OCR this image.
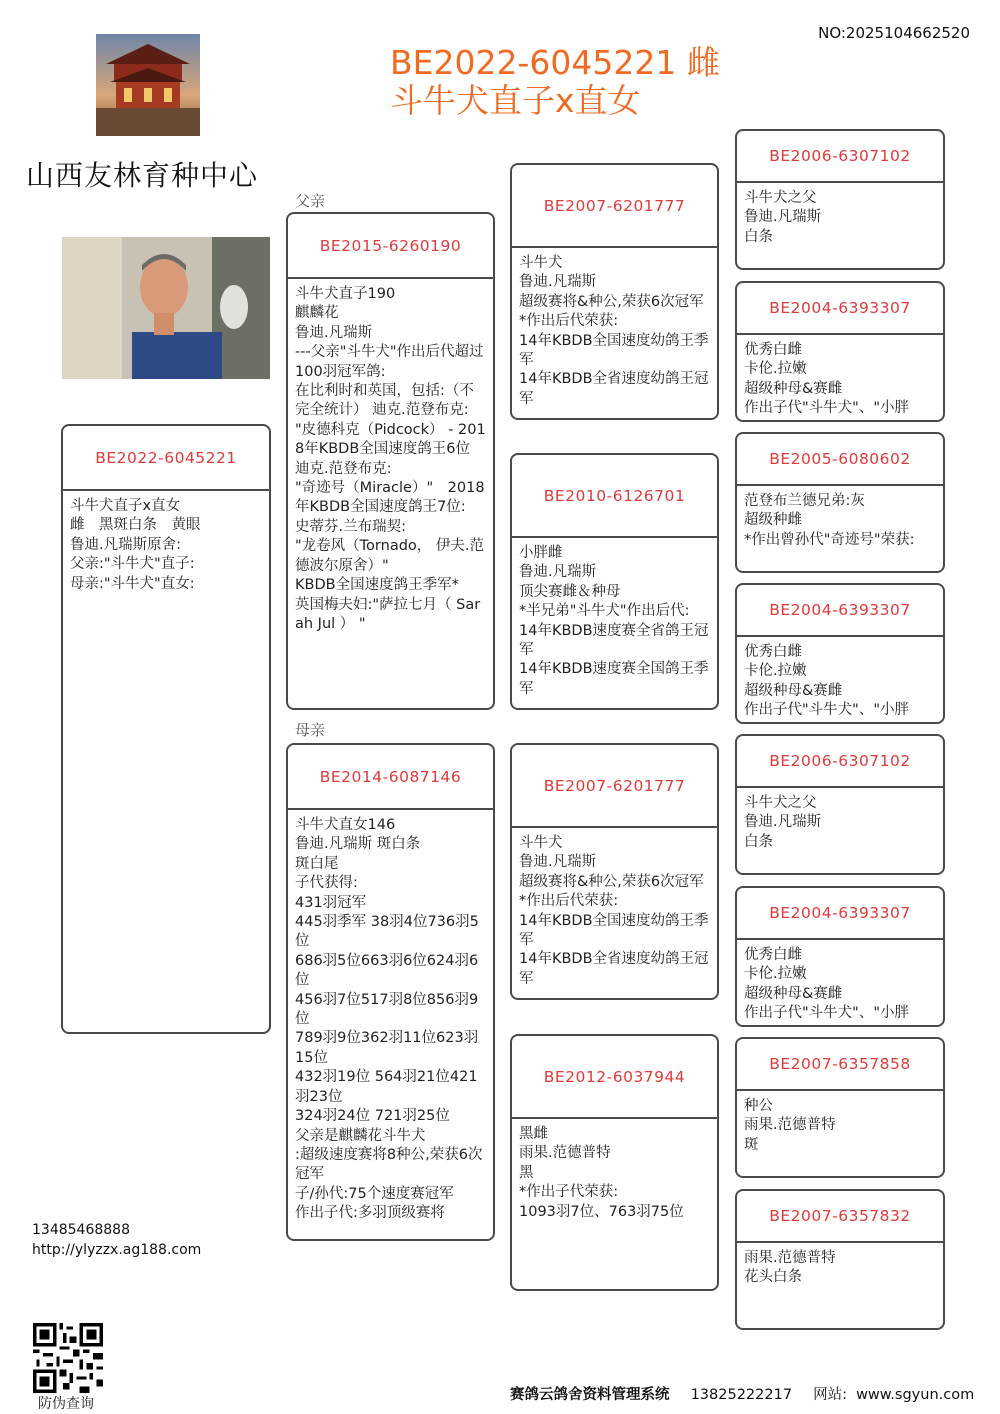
NO:2025104662520
BE2022-6045221 雌
斗牛犬直子x直女
山西友林育种中心
BE2022-6045221
斗牛犬直子x直女
雌　黑斑白条　黄眼
鲁迪.凡瑞斯原舍:
父亲:"斗牛犬"直子:
母亲:"斗牛犬"直女:
父亲
母亲
BE2015-6260190
斗牛犬直子190
麒麟花
鲁迪.凡瑞斯
---父亲"斗牛犬"作出后代超过100羽冠军鸽:
在比利时和英国，包括:（不完全统计） 迪克.范登布克:
"皮德科克（Pidcock） - 2018年KBDB全国速度鸽王6位
迪克.范登布克:
"奇迹号（Miracle）"　2018 年KBDB全国速度鸽王7位:
史蒂芬.兰布瑞契:
"龙卷风（Tornado， 伊夫.范德波尔原舍）"
KBDB全国速度鸽王季军*
英国梅夫妇:"萨拉七月（ Sarah Jul ） "
BE2014-6087146
斗牛犬直女146
鲁迪.凡瑞斯 斑白条
斑白尾
子代获得:
431羽冠军
445羽季军 38羽4位736羽5位
686羽5位663羽6位624羽6位
456羽7位517羽8位856羽9位
789羽9位362羽11位623羽15位
432羽19位 564羽21位421羽23位
324羽24位 721羽25位
父亲是麒麟花斗牛犬
:超级速度赛将8种公,荣获6次冠军
子/孙代:75个速度赛冠军
作出子代:多羽顶级赛将
BE2007-6201777
斗牛犬
鲁迪.凡瑞斯
超级赛将&种公,荣获6次冠军
*作出后代荣获:
14年KBDB全国速度幼鸽王季军
14年KBDB全省速度幼鸽王冠军
BE2010-6126701
小胖雌
鲁迪.凡瑞斯
顶尖赛雌＆种母
*半兄弟"斗牛犬"作出后代:
14年KBDB速度赛全省鸽王冠军
14年KBDB速度赛全国鸽王季军
BE2007-6201777
斗牛犬
鲁迪.凡瑞斯
超级赛将&种公,荣获6次冠军
*作出后代荣获:
14年KBDB全国速度幼鸽王季军
14年KBDB全省速度幼鸽王冠军
BE2012-6037944
黑雌
雨果.范德普特
黑
*作出子代荣获:
1093羽7位、763羽75位
BE2006-6307102
斗牛犬之父
鲁迪.凡瑞斯
白条
BE2004-6393307
优秀白雌
卡伦.拉嫩
超级种母&赛雌
作出子代"斗牛犬"、"小胖
BE2005-6080602
范登布兰德兄弟:灰
超级种雌
*作出曾孙代"奇迹号"荣获:
BE2004-6393307
优秀白雌
卡伦.拉嫩
超级种母&赛雌
作出子代"斗牛犬"、"小胖
BE2006-6307102
斗牛犬之父
鲁迪.凡瑞斯
白条
BE2004-6393307
优秀白雌
卡伦.拉嫩
超级种母&赛雌
作出子代"斗牛犬"、"小胖
BE2007-6357858
种公
雨果.范德普特
斑
BE2007-6357832
雨果.范德普特
花头白条
13485468888
http://ylyzzx.ag188.com
防伪查询
赛鸽云鸽舍资料管理系统 13825222217 网站: www.sgyun.com
